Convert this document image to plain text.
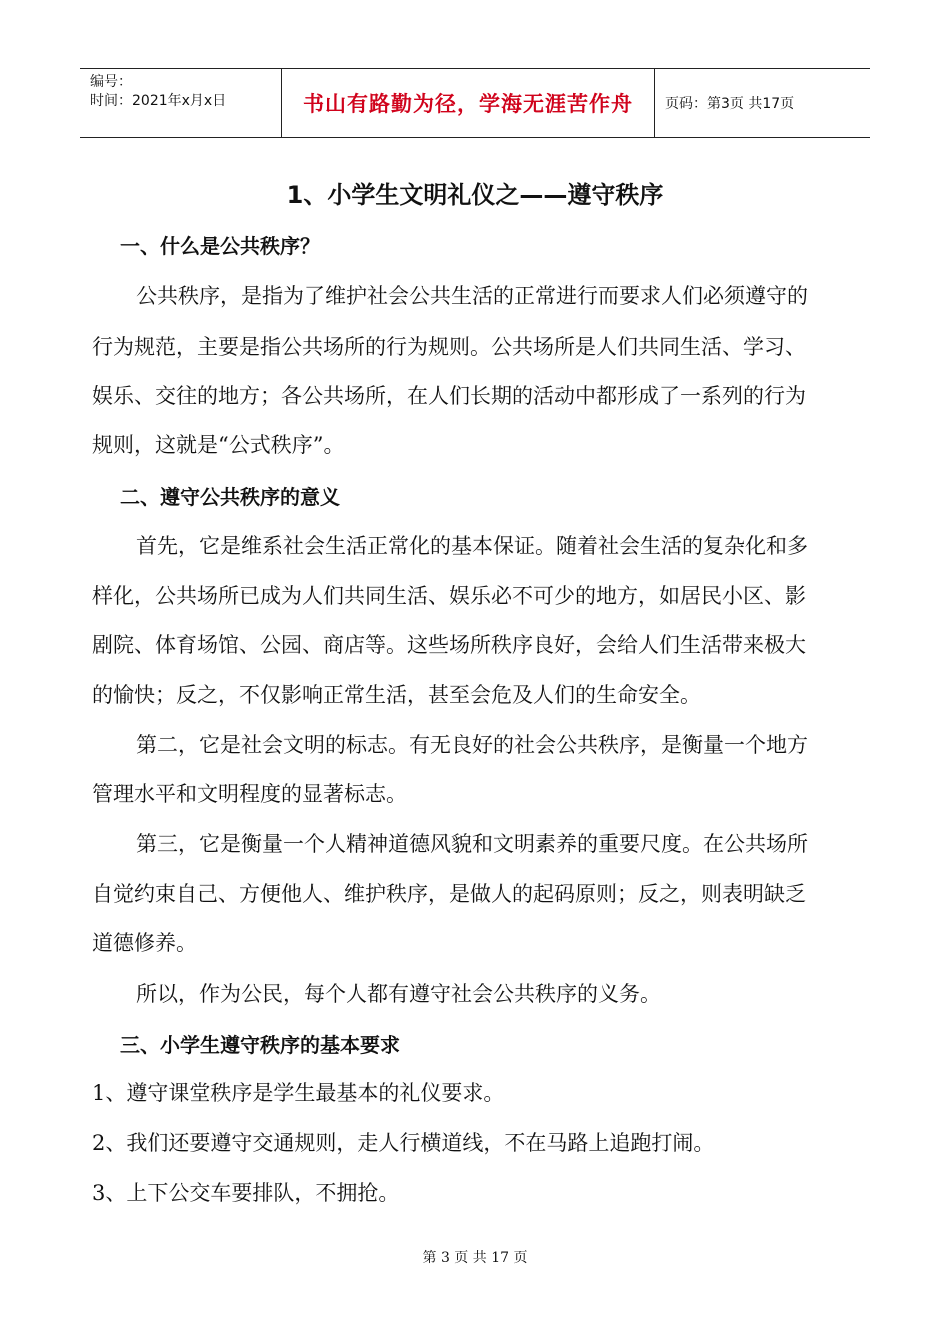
编号：
时间：2021年x月x日	书山有路勤为径，学海无涯苦作舟	页码：第3页 共17页
1、小学生文明礼仪之——遵守秩序
一、什么是公共秩序？
公共秩序，是指为了维护社会公共生活的正常进行而要求人们必须遵守的
行为规范，主要是指公共场所的行为规则。公共场所是人们共同生活、学习、
娱乐、交往的地方；各公共场所，在人们长期的活动中都形成了一系列的行为
规则，这就是“公式秩序”。
二、遵守公共秩序的意义
首先，它是维系社会生活正常化的基本保证。随着社会生活的复杂化和多
样化，公共场所已成为人们共同生活、娱乐必不可少的地方，如居民小区、影
剧院、体育场馆、公园、商店等。这些场所秩序良好，会给人们生活带来极大
的愉快；反之，不仅影响正常生活，甚至会危及人们的生命安全。
第二，它是社会文明的标志。有无良好的社会公共秩序，是衡量一个地方
管理水平和文明程度的显著标志。
第三，它是衡量一个人精神道德风貌和文明素养的重要尺度。在公共场所
自觉约束自己、方便他人、维护秩序，是做人的起码原则；反之，则表明缺乏
道德修养。
所以，作为公民，每个人都有遵守社会公共秩序的义务。
三、小学生遵守秩序的基本要求
1、遵守课堂秩序是学生最基本的礼仪要求。
2、我们还要遵守交通规则，走人行横道线，不在马路上追跑打闹。
3、上下公交车要排队，不拥抢。
第 3 页 共 17 页
